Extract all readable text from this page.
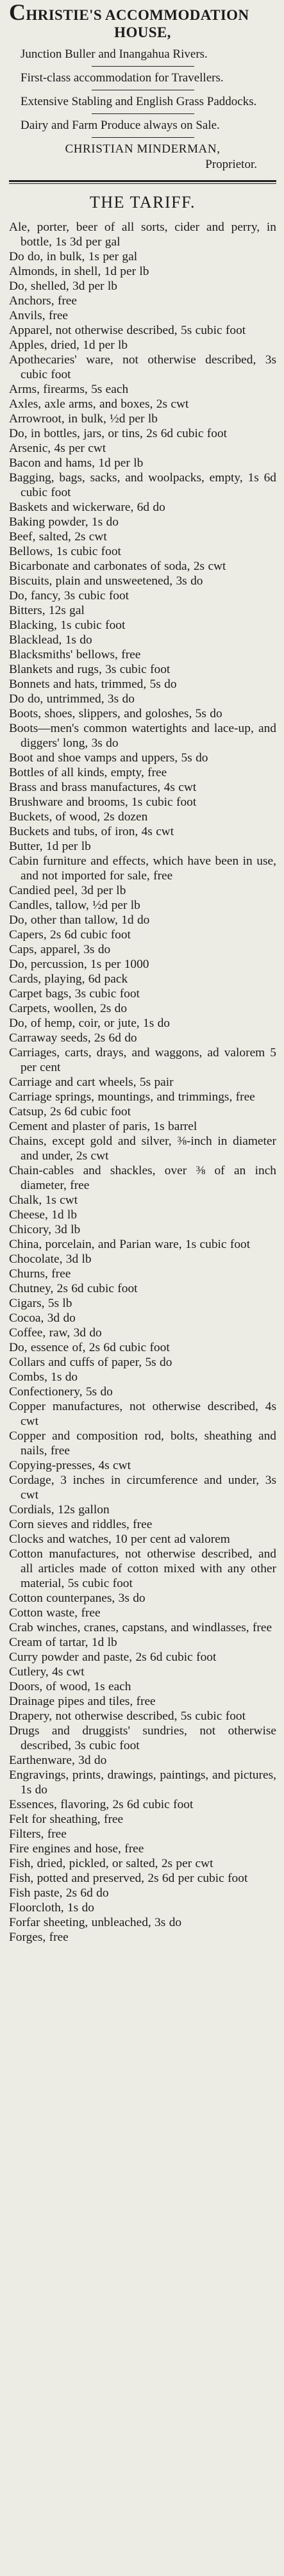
CHRISTIE'S ACCOMMODATION
HOUSE,
Junction Buller and Inangahua Rivers.
First-class accommodation for Travellers.
Extensive Stabling and English Grass Paddocks.
Dairy and Farm Produce always on Sale.
CHRISTIAN MINDERMAN,
Proprietor.
THE TARIFF.
Ale, porter, beer of all sorts, cider and perry, in bottle, 1s 3d per gal
Do do, in bulk, 1s per gal
Almonds, in shell, 1d per lb
Do, shelled, 3d per lb
Anchors, free
Anvils, free
Apparel, not otherwise described, 5s cubic foot
Apples, dried, 1d per lb
Apothecaries' ware, not otherwise described, 3s cubic foot
Arms, firearms, 5s each
Axles, axle arms, and boxes, 2s cwt
Arrowroot, in bulk, ½d per lb
Do, in bottles, jars, or tins, 2s 6d cubic foot
Arsenic, 4s per cwt
Bacon and hams, 1d per lb
Bagging, bags, sacks, and woolpacks, empty, 1s 6d cubic foot
Baskets and wickerware, 6d do
Baking powder, 1s do
Beef, salted, 2s cwt
Bellows, 1s cubic foot
Bicarbonate and carbonates of soda, 2s cwt
Biscuits, plain and unsweetened, 3s do
Do, fancy, 3s cubic foot
Bitters, 12s gal
Blacking, 1s cubic foot
Blacklead, 1s do
Blacksmiths' bellows, free
Blankets and rugs, 3s cubic foot
Bonnets and hats, trimmed, 5s do
Do do, untrimmed, 3s do
Boots, shoes, slippers, and goloshes, 5s do
Boots—men's common watertights and lace-up, and diggers' long, 3s do
Boot and shoe vamps and uppers, 5s do
Bottles of all kinds, empty, free
Brass and brass manufactures, 4s cwt
Brushware and brooms, 1s cubic foot
Buckets, of wood, 2s dozen
Buckets and tubs, of iron, 4s cwt
Butter, 1d per lb
Cabin furniture and effects, which have been in use, and not imported for sale, free
Candied peel, 3d per lb
Candles, tallow, ½d per lb
Do, other than tallow, 1d do
Capers, 2s 6d cubic foot
Caps, apparel, 3s do
Do, percussion, 1s per 1000
Cards, playing, 6d pack
Carpet bags, 3s cubic foot
Carpets, woollen, 2s do
Do, of hemp, coir, or jute, 1s do
Carraway seeds, 2s 6d do
Carriages, carts, drays, and waggons, ad valorem 5 per cent
Carriage and cart wheels, 5s pair
Carriage springs, mountings, and trimmings, free
Catsup, 2s 6d cubic foot
Cement and plaster of paris, 1s barrel
Chains, except gold and silver, ⅜-inch in diameter and under, 2s cwt
Chain-cables and shackles, over ⅜ of an inch diameter, free
Chalk, 1s cwt
Cheese, 1d lb
Chicory, 3d lb
China, porcelain, and Parian ware, 1s cubic foot
Chocolate, 3d lb
Churns, free
Chutney, 2s 6d cubic foot
Cigars, 5s lb
Cocoa, 3d do
Coffee, raw, 3d do
Do, essence of, 2s 6d cubic foot
Collars and cuffs of paper, 5s do
Combs, 1s do
Confectionery, 5s do
Copper manufactures, not otherwise described, 4s cwt
Copper and composition rod, bolts, sheathing and nails, free
Copying-presses, 4s cwt
Cordage, 3 inches in circumference and under, 3s cwt
Cordials, 12s gallon
Corn sieves and riddles, free
Clocks and watches, 10 per cent ad valorem
Cotton manufactures, not otherwise described, and all articles made of cotton mixed with any other material, 5s cubic foot
Cotton counterpanes, 3s do
Cotton waste, free
Crab winches, cranes, capstans, and windlasses, free
Cream of tartar, 1d lb
Curry powder and paste, 2s 6d cubic foot
Cutlery, 4s cwt
Doors, of wood, 1s each
Drainage pipes and tiles, free
Drapery, not otherwise described, 5s cubic foot
Drugs and druggists' sundries, not otherwise described, 3s cubic foot
Earthenware, 3d do
Engravings, prints, drawings, paintings, and pictures, 1s do
Essences, flavoring, 2s 6d cubic foot
Felt for sheathing, free
Filters, free
Fire engines and hose, free
Fish, dried, pickled, or salted, 2s per cwt
Fish, potted and preserved, 2s 6d per cubic foot
Fish paste, 2s 6d do
Floorcloth, 1s do
Forfar sheeting, unbleached, 3s do
Forges, free
